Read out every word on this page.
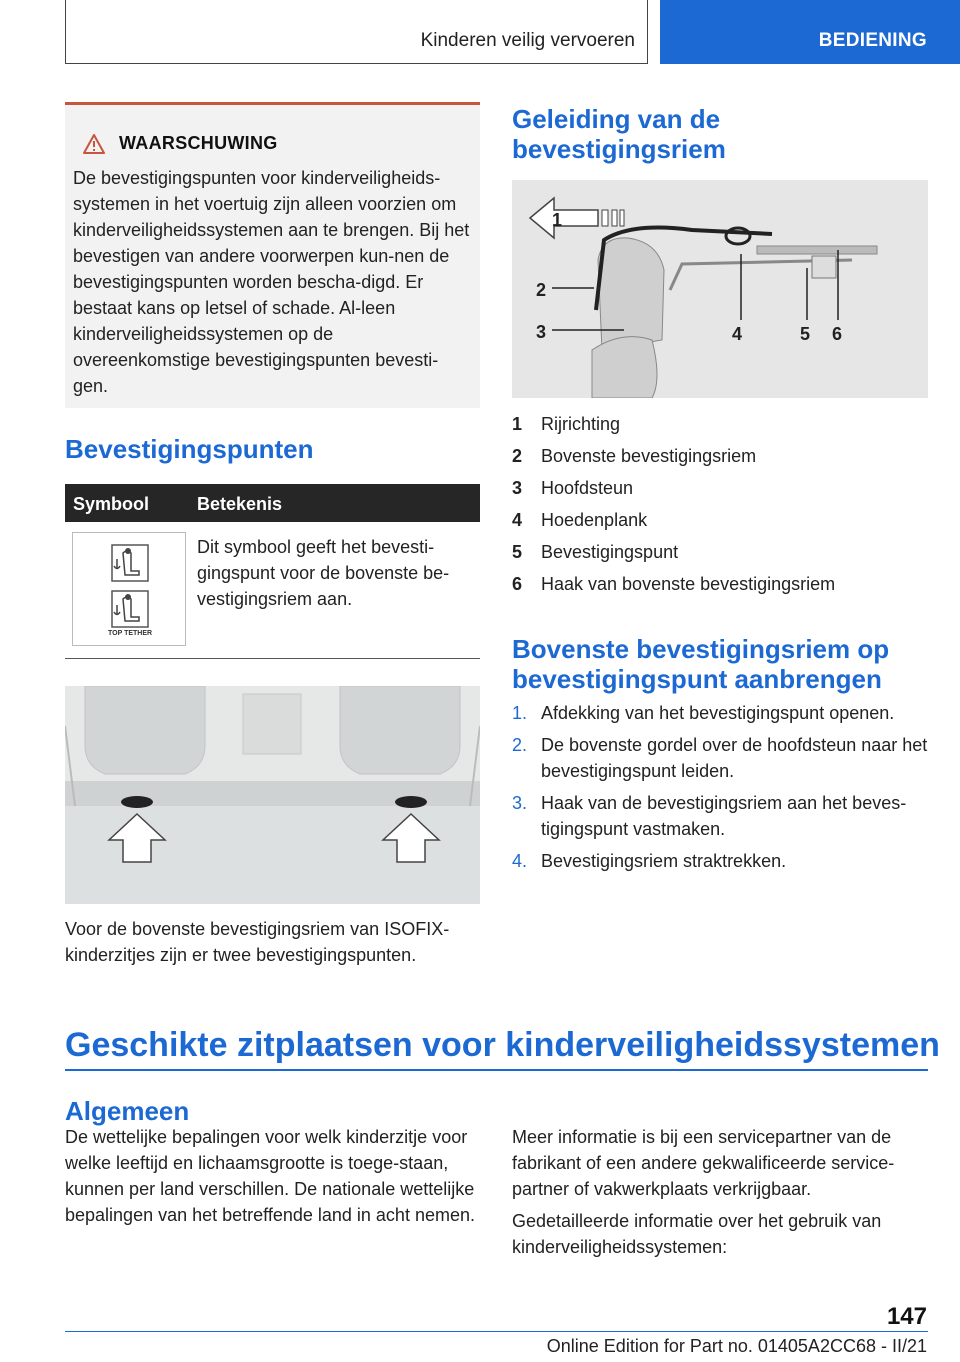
Kinderen veilig vervoeren	BEDIENING
WAARSCHUWING
De bevestigingspunten voor kinderveiligheids-systemen in het voertuig zijn alleen voorzien om kinderveiligheidssystemen aan te brengen. Bij het bevestigen van andere voorwerpen kun-nen de bevestigingspunten worden bescha-digd. Er bestaat kans op letsel of schade. Al-leen kinderveiligheidssystemen op de overeenkomstige bevestigingspunten bevesti-gen.
Bevestigingspunten
Symbool	Betekenis
TOP TETHER
Dit symbool geeft het bevesti-gingspunt voor de bovenste be-vestigingsriem aan.
Voor de bovenste bevestigingsriem van ISOFIX-kinderzitjes zijn er twee bevestigingspunten.
Geleiding van de bevestigingsriem
1
2
3	4	5 6
1	Rijrichting
2	Bovenste bevestigingsriem
3	Hoofdsteun
4	Hoedenplank
5	Bevestigingspunt
6	Haak van bovenste bevestigingsriem
Bovenste bevestigingsriem op
bevestigingspunt aanbrengen
1. Afdekking van het bevestigingspunt openen.
2. De bovenste gordel over de hoofdsteun naar het bevestigingspunt leiden.
3. Haak van de bevestigingsriem aan het beves-tigingspunt vastmaken.
4. Bevestigingsriem straktrekken.
Geschikte zitplaatsen voor kinderveiligheidssystemen
Algemeen
De wettelijke bepalingen voor welk kinderzitje voor welke leeftijd en lichaamsgrootte is toege-staan, kunnen per land verschillen. De nationale wettelijke bepalingen van het betreffende land in acht nemen.
Meer informatie is bij een servicepartner van de fabrikant of een andere gekwalificeerde service-partner of vakwerkplaats verkrijgbaar.
Gedetailleerde informatie over het gebruik van kinderveiligheidssystemen:
147
Online Edition for Part no. 01405A2CC68 - II/21
